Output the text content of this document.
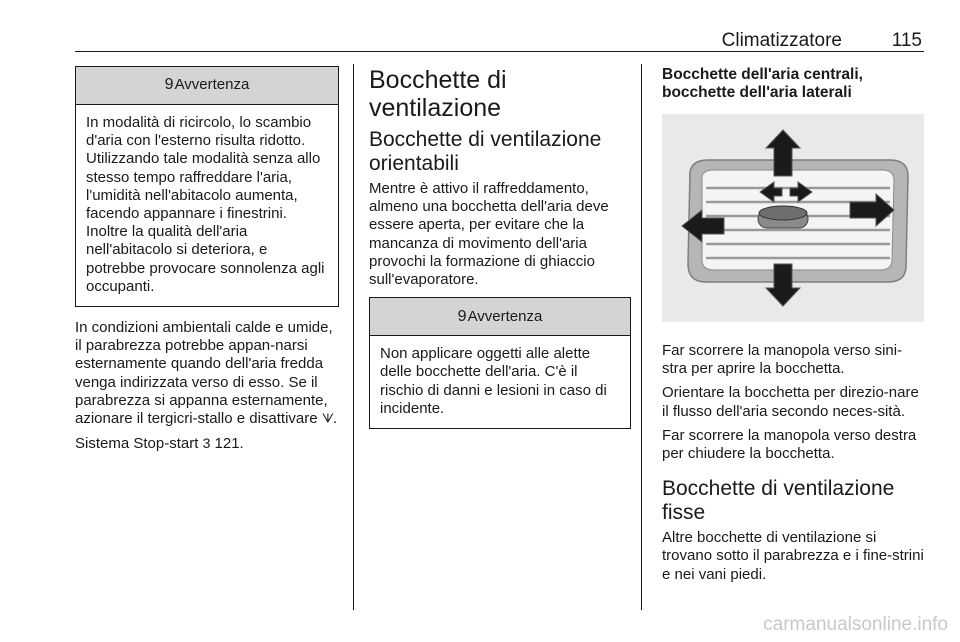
Climatizzatore	115
9 Avvertenza
In modalità di ricircolo, lo scambio d'aria con l'esterno risulta ridotto. Utilizzando tale modalità senza allo stesso tempo raffreddare l'aria, l'umidità nell'abitacolo aumenta, facendo appannare i finestrini. Inoltre la qualità dell'aria nell'abitacolo si deteriora, e potrebbe provocare sonnolenza agli occupanti.

In condizioni ambientali calde e umide, il parabrezza potrebbe appan-narsi esternamente quando dell'aria fredda venga indirizzata verso di esso. Se il parabrezza si appanna esternamente, azionare il tergicri-stallo e disattivare ᗐ.

Sistema Stop-start 3 121.

Bocchette di ventilazione
Bocchette di ventilazione orientabili

Mentre è attivo il raffreddamento, almeno una bocchetta dell'aria deve essere aperta, per evitare che la mancanza di movimento dell'aria provochi la formazione di ghiaccio sull'evaporatore.

9 Avvertenza
Non applicare oggetti alle alette delle bocchette dell'aria. C'è il rischio di danni e lesioni in caso di incidente.
Bocchette dell'aria centrali, bocchette dell'aria laterali

Far scorrere la manopola verso sini-stra per aprire la bocchetta.

Orientare la bocchetta per direzio-nare il flusso dell'aria secondo neces-sità.

Far scorrere la manopola verso destra per chiudere la bocchetta.

Bocchette di ventilazione fisse

Altre bocchette di ventilazione si trovano sotto il parabrezza e i fine-strini e nei vani piedi.

carmanualsonline.info
